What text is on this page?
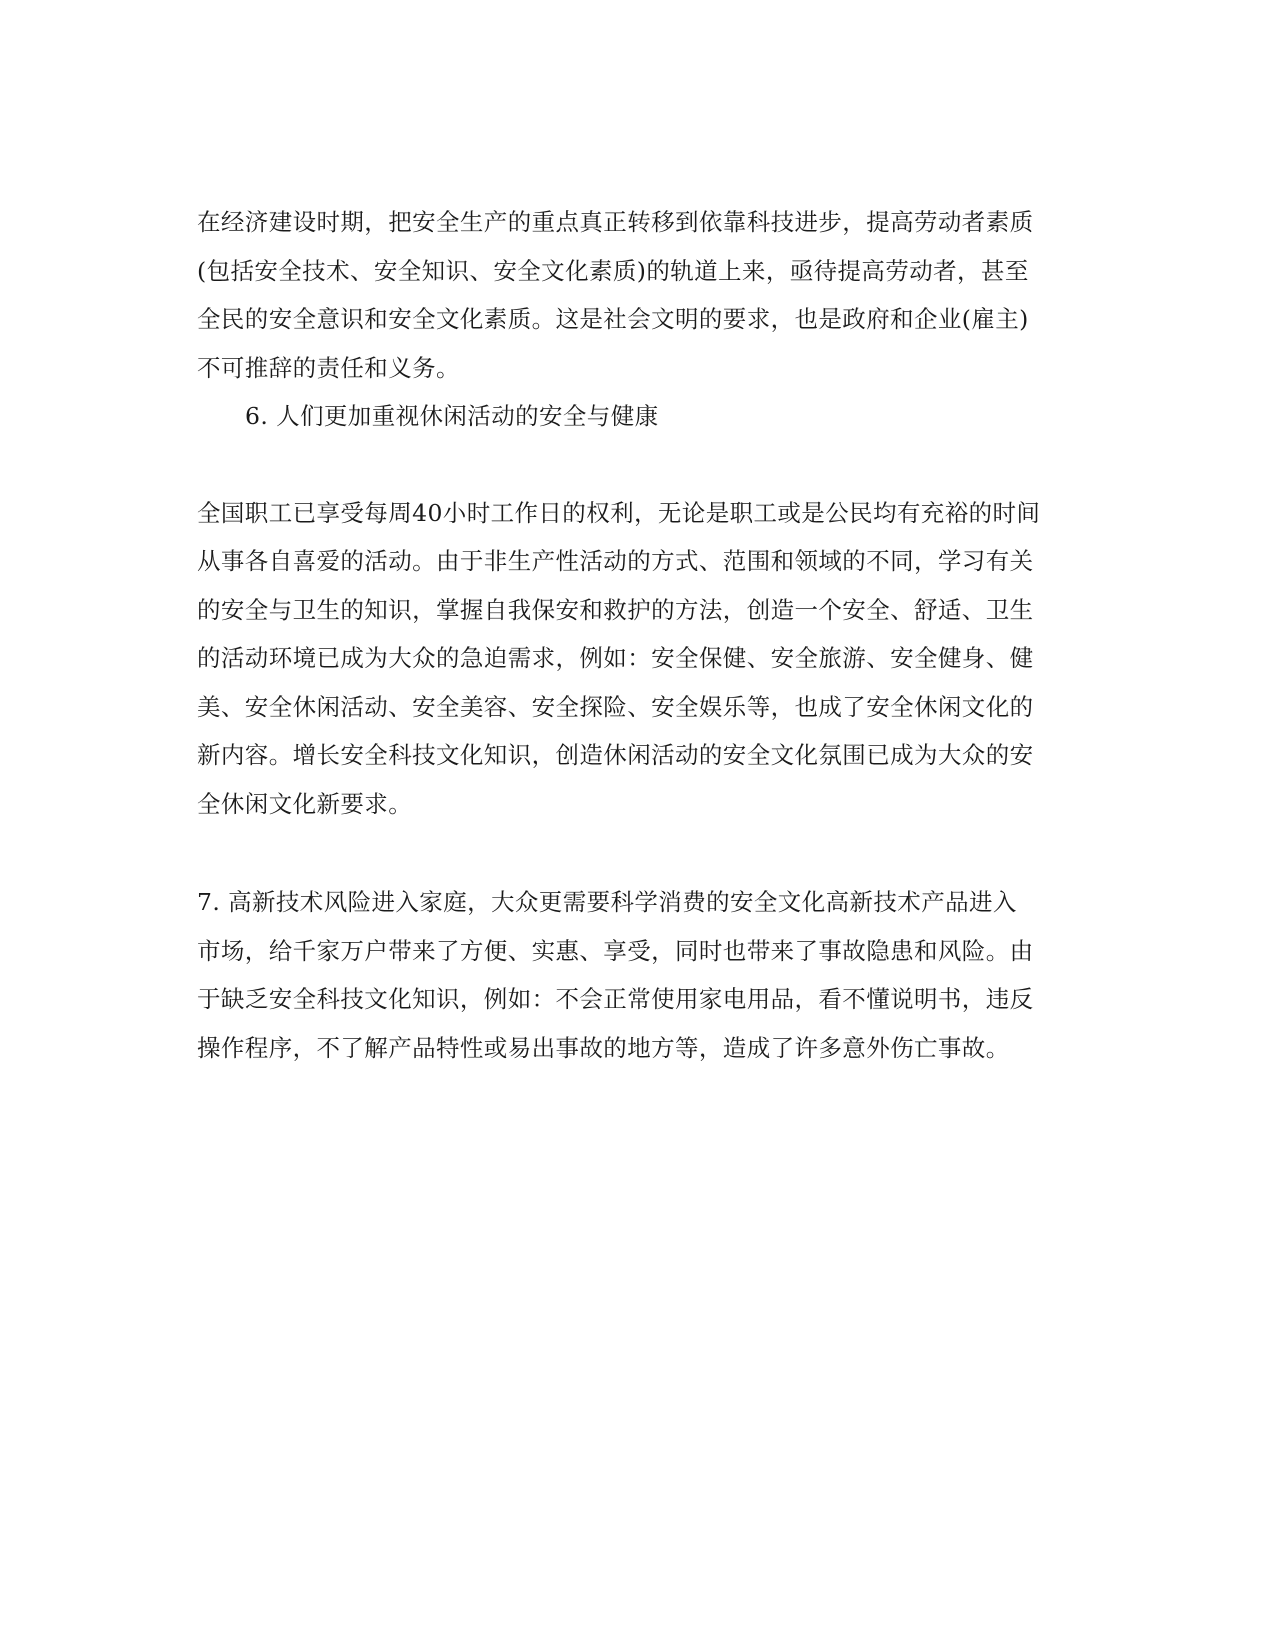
在经济建设时期，把安全生产的重点真正转移到依靠科技进步，提高劳动者素质

(包括安全技术、安全知识、安全文化素质)的轨道上来，亟待提高劳动者，甚至

全民的安全意识和安全文化素质。这是社会文明的要求，也是政府和企业(雇主)

不可推辞的责任和义务。

6. 人们更加重视休闲活动的安全与健康

全国职工已享受每周40小时工作日的权利，无论是职工或是公民均有充裕的时间

从事各自喜爱的活动。由于非生产性活动的方式、范围和领域的不同，学习有关

的安全与卫生的知识，掌握自我保安和救护的方法，创造一个安全、舒适、卫生

的活动环境已成为大众的急迫需求，例如：安全保健、安全旅游、安全健身、健

美、安全休闲活动、安全美容、安全探险、安全娱乐等，也成了安全休闲文化的

新内容。增长安全科技文化知识，创造休闲活动的安全文化氛围已成为大众的安

全休闲文化新要求。

7. 高新技术风险进入家庭，大众更需要科学消费的安全文化高新技术产品进入

市场，给千家万户带来了方便、实惠、享受，同时也带来了事故隐患和风险。由

于缺乏安全科技文化知识，例如：不会正常使用家电用品，看不懂说明书，违反

操作程序，不了解产品特性或易出事故的地方等，造成了许多意外伤亡事故。
